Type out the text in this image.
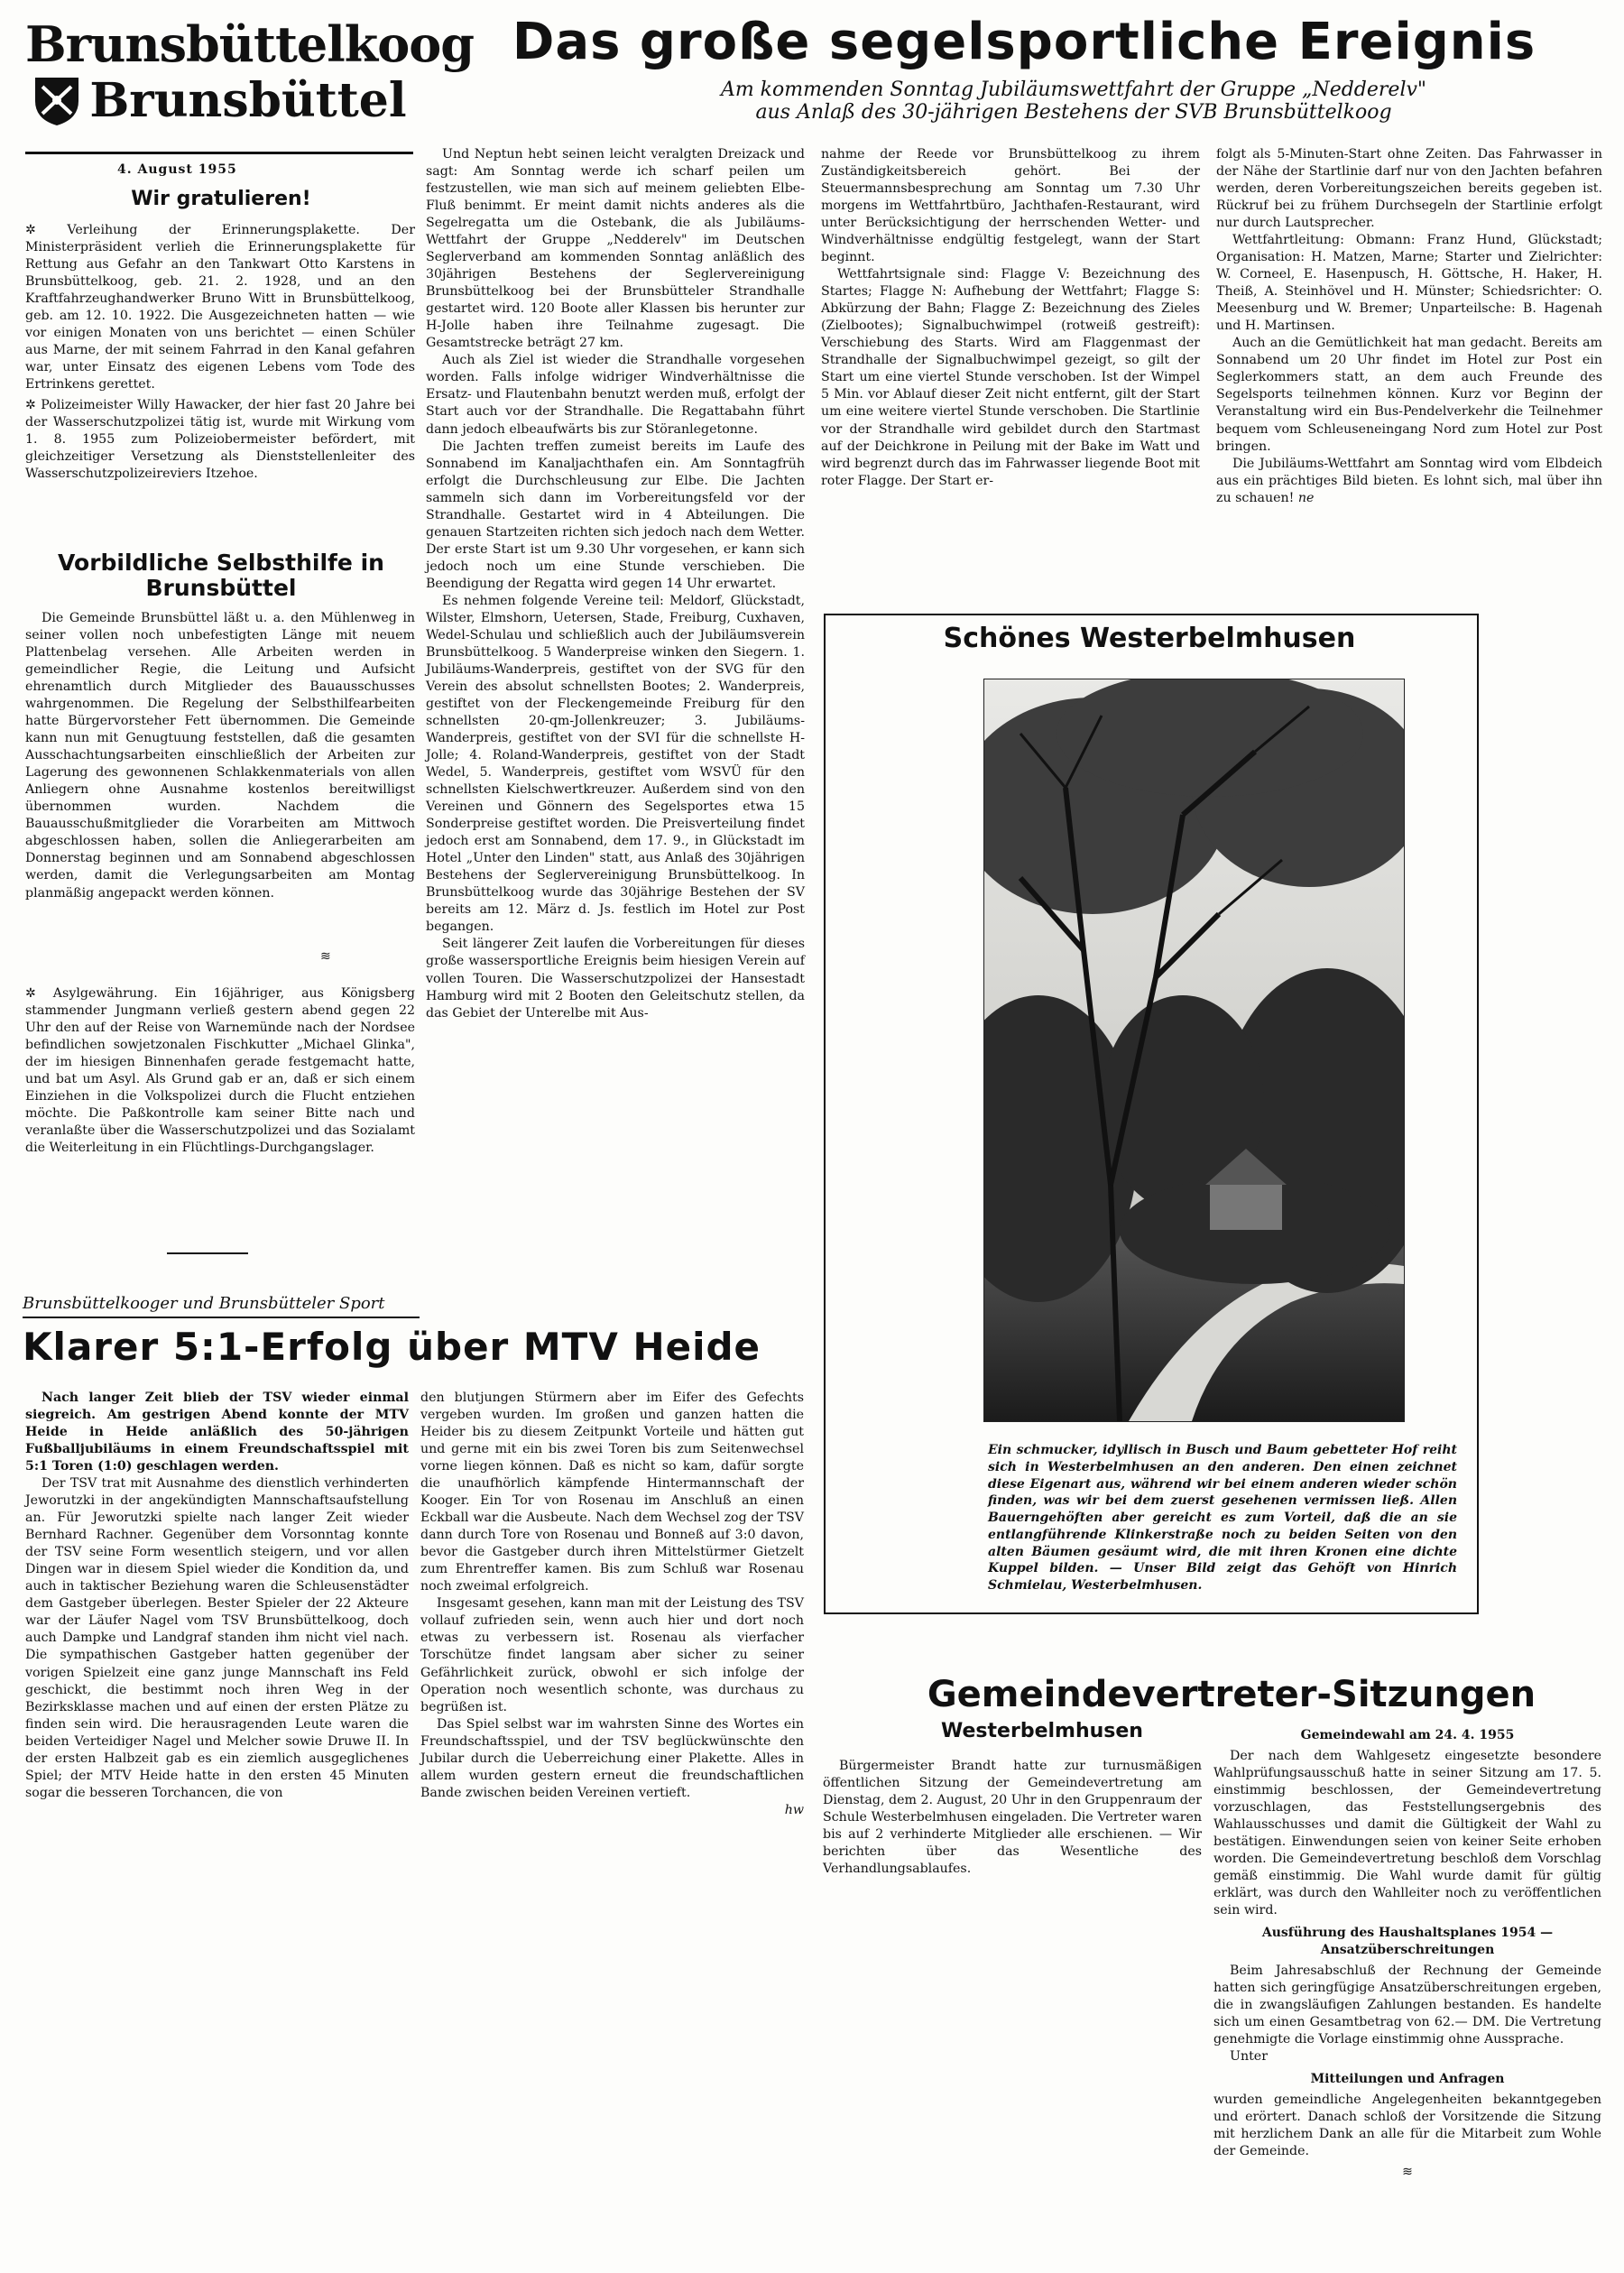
Brunsbüttelkoog
Brunsbüttel
4. August 1955
Das große segelsportliche Ereignis
Am kommenden Sonntag Jubiläumswettfahrt der Gruppe „Nedderelv"
aus Anlaß des 30-jährigen Bestehens der SVB Brunsbüttelkoog
Wir gratulieren!

✲ Verleihung der Erinnerungsplakette. Der Ministerpräsident verlieh die Erinnerungsplakette für Rettung aus Gefahr an den Tankwart Otto Karstens in Brunsbüttelkoog, geb. 21. 2. 1928, und an den Kraftfahrzeughandwerker Bruno Witt in Brunsbüttelkoog, geb. am 12. 10. 1922. Die Ausgezeichneten hatten — wie vor einigen Monaten von uns berichtet — einen Schüler aus Marne, der mit seinem Fahrrad in den Kanal gefahren war, unter Einsatz des eigenen Lebens vom Tode des Ertrinkens gerettet.

✲ Polizeimeister Willy Hawacker, der hier fast 20 Jahre bei der Wasserschutzpolizei tätig ist, wurde mit Wirkung vom 1. 8. 1955 zum Polizeiobermeister befördert, mit gleichzeitiger Versetzung als Dienststellenleiter des Wasserschutzpolizeireviers Itzehoe.

Vorbildliche Selbsthilfe in Brunsbüttel

Die Gemeinde Brunsbüttel läßt u. a. den Mühlenweg in seiner vollen noch unbefestigten Länge mit neuem Plattenbelag versehen. Alle Arbeiten werden in gemeindlicher Regie, die Leitung und Aufsicht ehrenamtlich durch Mitglieder des Bauausschusses wahrgenommen. Die Regelung der Selbsthilfearbeiten hatte Bürgervorsteher Fett übernommen. Die Gemeinde kann nun mit Genugtuung feststellen, daß die gesamten Ausschachtungsarbeiten einschließlich der Arbeiten zur Lagerung des gewonnenen Schlakkenmaterials von allen Anliegern ohne Ausnahme kostenlos bereitwilligst übernommen wurden. Nachdem die Bauausschußmitglieder die Vorarbeiten am Mittwoch abgeschlossen haben, sollen die Anliegerarbeiten am Donnerstag beginnen und am Sonnabend abgeschlossen werden, damit die Verlegungsarbeiten am Montag planmäßig angepackt werden können.

≋

✲ Asylgewährung. Ein 16jähriger, aus Königsberg stammender Jungmann verließ gestern abend gegen 22 Uhr den auf der Reise von Warnemünde nach der Nordsee befindlichen sowjetzonalen Fischkutter „Michael Glinka", der im hiesigen Binnenhafen gerade festgemacht hatte, und bat um Asyl. Als Grund gab er an, daß er sich einem Einziehen in die Volkspolizei durch die Flucht entziehen möchte. Die Paßkontrolle kam seiner Bitte nach und veranlaßte über die Wasserschutzpolizei und das Sozialamt die Weiterleitung in ein Flüchtlings-Durchgangslager.

Und Neptun hebt seinen leicht veralgten Dreizack und sagt: Am Sonntag werde ich scharf peilen um festzustellen, wie man sich auf meinem geliebten Elbe-Fluß benimmt. Er meint damit nichts anderes als die Segelregatta um die Ostebank, die als Jubiläums-Wettfahrt der Gruppe „Nedderelv" im Deutschen Seglerverband am kommenden Sonntag anläßlich des 30jährigen Bestehens der Seglervereinigung Brunsbüttelkoog bei der Brunsbütteler Strandhalle gestartet wird. 120 Boote aller Klassen bis herunter zur H-Jolle haben ihre Teilnahme zugesagt. Die Gesamtstrecke beträgt 27 km.

Auch als Ziel ist wieder die Strandhalle vorgesehen worden. Falls infolge widriger Windverhältnisse die Ersatz- und Flautenbahn benutzt werden muß, erfolgt der Start auch vor der Strandhalle. Die Regattabahn führt dann jedoch elbeaufwärts bis zur Störanlegetonne.

Die Jachten treffen zumeist bereits im Laufe des Sonnabend im Kanaljachthafen ein. Am Sonntagfrüh erfolgt die Durchschleusung zur Elbe. Die Jachten sammeln sich dann im Vorbereitungsfeld vor der Strandhalle. Gestartet wird in 4 Abteilungen. Die genauen Startzeiten richten sich jedoch nach dem Wetter. Der erste Start ist um 9.30 Uhr vorgesehen, er kann sich jedoch noch um eine Stunde verschieben. Die Beendigung der Regatta wird gegen 14 Uhr erwartet.

Es nehmen folgende Vereine teil: Meldorf, Glückstadt, Wilster, Elmshorn, Uetersen, Stade, Freiburg, Cuxhaven, Wedel-Schulau und schließlich auch der Jubiläumsverein Brunsbüttelkoog. 5 Wanderpreise winken den Siegern. 1. Jubiläums-Wanderpreis, gestiftet von der SVG für den Verein des absolut schnellsten Bootes; 2. Wanderpreis, gestiftet von der Fleckengemeinde Freiburg für den schnellsten 20-qm-Jollenkreuzer; 3. Jubiläums-Wanderpreis, gestiftet von der SVI für die schnellste H-Jolle; 4. Roland-Wanderpreis, gestiftet von der Stadt Wedel, 5. Wanderpreis, gestiftet vom WSVÜ für den schnellsten Kielschwertkreuzer. Außerdem sind von den Vereinen und Gönnern des Segelsportes etwa 15 Sonderpreise gestiftet worden. Die Preisverteilung findet jedoch erst am Sonnabend, dem 17. 9., in Glückstadt im Hotel „Unter den Linden" statt, aus Anlaß des 30jährigen Bestehens der Seglervereinigung Brunsbüttelkoog. In Brunsbüttelkoog wurde das 30jährige Bestehen der SV bereits am 12. März d. Js. festlich im Hotel zur Post begangen.

Seit längerer Zeit laufen die Vorbereitungen für dieses große wassersportliche Ereignis beim hiesigen Verein auf vollen Touren. Die Wasserschutzpolizei der Hansestadt Hamburg wird mit 2 Booten den Geleitschutz stellen, da das Gebiet der Unterelbe mit Aus-

nahme der Reede vor Brunsbüttelkoog zu ihrem Zuständigkeitsbereich gehört. Bei der Steuermannsbesprechung am Sonntag um 7.30 Uhr morgens im Wettfahrtbüro, Jachthafen-Restaurant, wird unter Berücksichtigung der herrschenden Wetter- und Windverhältnisse endgültig festgelegt, wann der Start beginnt.

Wettfahrtsignale sind: Flagge V: Bezeichnung des Startes; Flagge N: Aufhebung der Wettfahrt; Flagge S: Abkürzung der Bahn; Flagge Z: Bezeichnung des Zieles (Zielbootes); Signalbuchwimpel (rotweiß gestreift): Verschiebung des Starts. Wird am Flaggenmast der Strandhalle der Signalbuchwimpel gezeigt, so gilt der Start um eine viertel Stunde verschoben. Ist der Wimpel 5 Min. vor Ablauf dieser Zeit nicht entfernt, gilt der Start um eine weitere viertel Stunde verschoben. Die Startlinie vor der Strandhalle wird gebildet durch den Startmast auf der Deichkrone in Peilung mit der Bake im Watt und wird begrenzt durch das im Fahrwasser liegende Boot mit roter Flagge. Der Start er-

folgt als 5-Minuten-Start ohne Zeiten. Das Fahrwasser in der Nähe der Startlinie darf nur von den Jachten befahren werden, deren Vorbereitungszeichen bereits gegeben ist. Rückruf bei zu frühem Durchsegeln der Startlinie erfolgt nur durch Lautsprecher.

Wettfahrtleitung: Obmann: Franz Hund, Glückstadt; Organisation: H. Matzen, Marne; Starter und Zielrichter: W. Corneel, E. Hasenpusch, H. Göttsche, H. Haker, H. Theiß, A. Steinhövel und H. Münster; Schiedsrichter: O. Meesenburg und W. Bremer; Unparteilsche: B. Hagenah und H. Martinsen.

Auch an die Gemütlichkeit hat man gedacht. Bereits am Sonnabend um 20 Uhr findet im Hotel zur Post ein Seglerkommers statt, an dem auch Freunde des Segelsports teilnehmen können. Kurz vor Beginn der Veranstaltung wird ein Bus-Pendelverkehr die Teilnehmer bequem vom Schleuseneingang Nord zum Hotel zur Post bringen.

Die Jubiläums-Wettfahrt am Sonntag wird vom Elbdeich aus ein prächtiges Bild bieten. Es lohnt sich, mal über ihn zu schauen! ne

Schönes Westerbelmhusen
Ein schmucker, idyllisch in Busch und Baum gebetteter Hof reiht sich in Westerbelmhusen an den anderen. Den einen zeichnet diese Eigenart aus, während wir bei einem anderen wieder schön finden, was wir bei dem zuerst gesehenen vermissen ließ. Allen Bauerngehöften aber gereicht es zum Vorteil, daß die an sie entlangführende Klinkerstraße noch zu beiden Seiten von den alten Bäumen gesäumt wird, die mit ihren Kronen eine dichte Kuppel bilden. — Unser Bild zeigt das Gehöft von Hinrich Schmielau, Westerbelmhusen.
Brunsbüttelkooger und Brunsbütteler Sport
Klarer 5:1-Erfolg über MTV Heide

Nach langer Zeit blieb der TSV wieder einmal siegreich. Am gestrigen Abend konnte der MTV Heide in Heide anläßlich des 50-jährigen Fußballjubiläums in einem Freundschaftsspiel mit 5:1 Toren (1:0) geschlagen werden.

Der TSV trat mit Ausnahme des dienstlich verhinderten Jeworutzki in der angekündigten Mannschaftsaufstellung an. Für Jeworutzki spielte nach langer Zeit wieder Bernhard Rachner. Gegenüber dem Vorsonntag konnte der TSV seine Form wesentlich steigern, und vor allen Dingen war in diesem Spiel wieder die Kondition da, und auch in taktischer Beziehung waren die Schleusenstädter dem Gastgeber überlegen. Bester Spieler der 22 Akteure war der Läufer Nagel vom TSV Brunsbüttelkoog, doch auch Dampke und Landgraf standen ihm nicht viel nach. Die sympathischen Gastgeber hatten gegenüber der vorigen Spielzeit eine ganz junge Mannschaft ins Feld geschickt, die bestimmt noch ihren Weg in der Bezirksklasse machen und auf einen der ersten Plätze zu finden sein wird. Die herausragenden Leute waren die beiden Verteidiger Nagel und Melcher sowie Druwe II. In der ersten Halbzeit gab es ein ziemlich ausgeglichenes Spiel; der MTV Heide hatte in den ersten 45 Minuten sogar die besseren Torchancen, die von

den blutjungen Stürmern aber im Eifer des Gefechts vergeben wurden. Im großen und ganzen hatten die Heider bis zu diesem Zeitpunkt Vorteile und hätten gut und gerne mit ein bis zwei Toren bis zum Seitenwechsel vorne liegen können. Daß es nicht so kam, dafür sorgte die unaufhörlich kämpfende Hintermannschaft der Kooger. Ein Tor von Rosenau im Anschluß an einen Eckball war die Ausbeute. Nach dem Wechsel zog der TSV dann durch Tore von Rosenau und Bonneß auf 3:0 davon, bevor die Gastgeber durch ihren Mittelstürmer Gietzelt zum Ehrentreffer kamen. Bis zum Schluß war Rosenau noch zweimal erfolgreich.

Insgesamt gesehen, kann man mit der Leistung des TSV vollauf zufrieden sein, wenn auch hier und dort noch etwas zu verbessern ist. Rosenau als vierfacher Torschütze findet langsam aber sicher zu seiner Gefährlichkeit zurück, obwohl er sich infolge der Operation noch wesentlich schonte, was durchaus zu begrüßen ist.

Das Spiel selbst war im wahrsten Sinne des Wortes ein Freundschaftsspiel, und der TSV beglückwünschte den Jubilar durch die Ueberreichung einer Plakette. Alles in allem wurden gestern erneut die freundschaftlichen Bande zwischen beiden Vereinen vertieft.

hw
Gemeindevertreter-Sitzungen
Westerbelmhusen

Bürgermeister Brandt hatte zur turnusmäßigen öffentlichen Sitzung der Gemeindevertretung am Dienstag, dem 2. August, 20 Uhr in den Gruppenraum der Schule Westerbelmhusen eingeladen. Die Vertreter waren bis auf 2 verhinderte Mitglieder alle erschienen. — Wir berichten über das Wesentliche des Verhandlungsablaufes.

Gemeindewahl am 24. 4. 1955

Der nach dem Wahlgesetz eingesetzte besondere Wahlprüfungsausschuß hatte in seiner Sitzung am 17. 5. einstimmig beschlossen, der Gemeindevertretung vorzuschlagen, das Feststellungsergebnis des Wahlausschusses und damit die Gültigkeit der Wahl zu bestätigen. Einwendungen seien von keiner Seite erhoben worden. Die Gemeindevertretung beschloß dem Vorschlag gemäß einstimmig. Die Wahl wurde damit für gültig erklärt, was durch den Wahlleiter noch zu veröffentlichen sein wird.

Ausführung des Haushaltsplanes 1954 — Ansatzüberschreitungen

Beim Jahresabschluß der Rechnung der Gemeinde hatten sich geringfügige Ansatzüberschreitungen ergeben, die in zwangsläufigen Zahlungen bestanden. Es handelte sich um einen Gesamtbetrag von 62.— DM. Die Vertretung genehmigte die Vorlage einstimmig ohne Aussprache.

Unter

Mitteilungen und Anfragen

wurden gemeindliche Angelegenheiten bekanntgegeben und erörtert. Danach schloß der Vorsitzende die Sitzung mit herzlichem Dank an alle für die Mitarbeit zum Wohle der Gemeinde.

≋
